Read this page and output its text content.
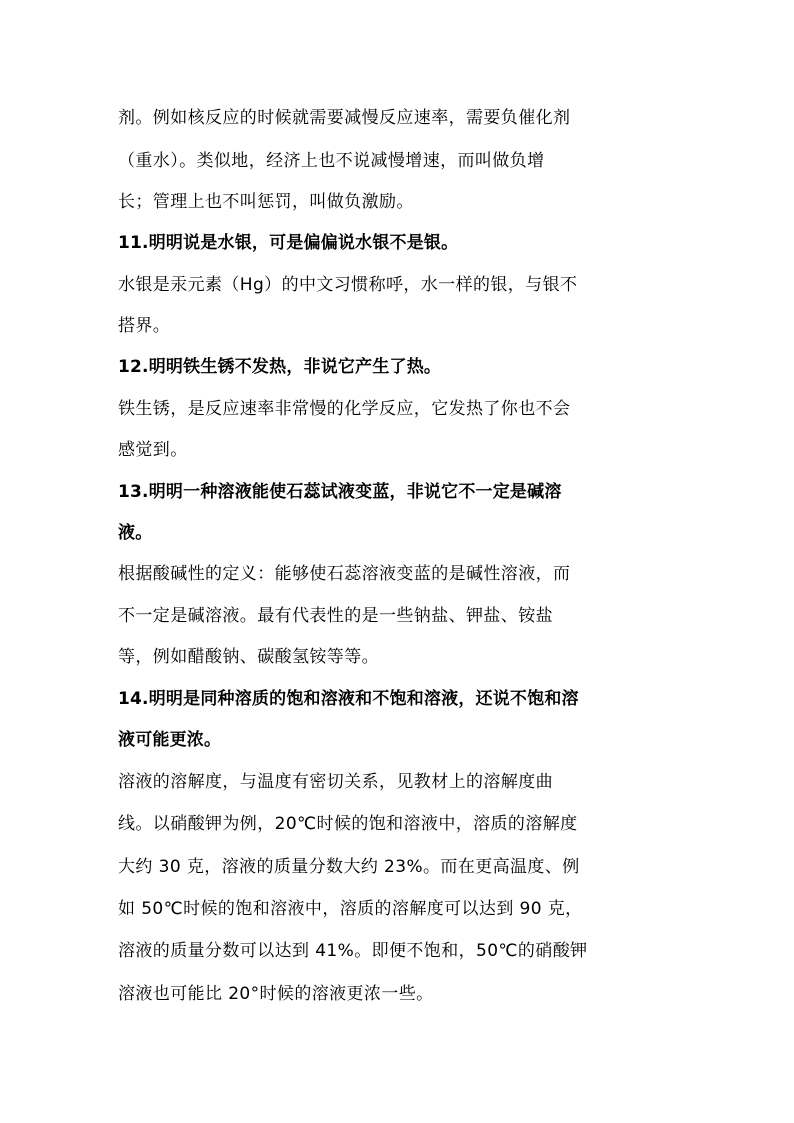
剂。例如核反应的时候就需要减慢反应速率，需要负催化剂
（重水）。类似地，经济上也不说减慢增速，而叫做负增
长；管理上也不叫惩罚，叫做负激励。
11.明明说是水银，可是偏偏说水银不是银。
水银是汞元素（Hg）的中文习惯称呼，水一样的银，与银不
搭界。
12.明明铁生锈不发热，非说它产生了热。
铁生锈，是反应速率非常慢的化学反应，它发热了你也不会
感觉到。
13.明明一种溶液能使石蕊试液变蓝，非说它不一定是碱溶
液。
根据酸碱性的定义：能够使石蕊溶液变蓝的是碱性溶液，而
不一定是碱溶液。最有代表性的是一些钠盐、钾盐、铵盐
等，例如醋酸钠、碳酸氢铵等等。
14.明明是同种溶质的饱和溶液和不饱和溶液，还说不饱和溶
液可能更浓。
溶液的溶解度，与温度有密切关系，见教材上的溶解度曲
线。以硝酸钾为例，20℃时候的饱和溶液中，溶质的溶解度
大约 30 克，溶液的质量分数大约 23%。而在更高温度、例
如 50℃时候的饱和溶液中，溶质的溶解度可以达到 90 克，
溶液的质量分数可以达到 41%。即便不饱和，50℃的硝酸钾
溶液也可能比 20°时候的溶液更浓一些。
